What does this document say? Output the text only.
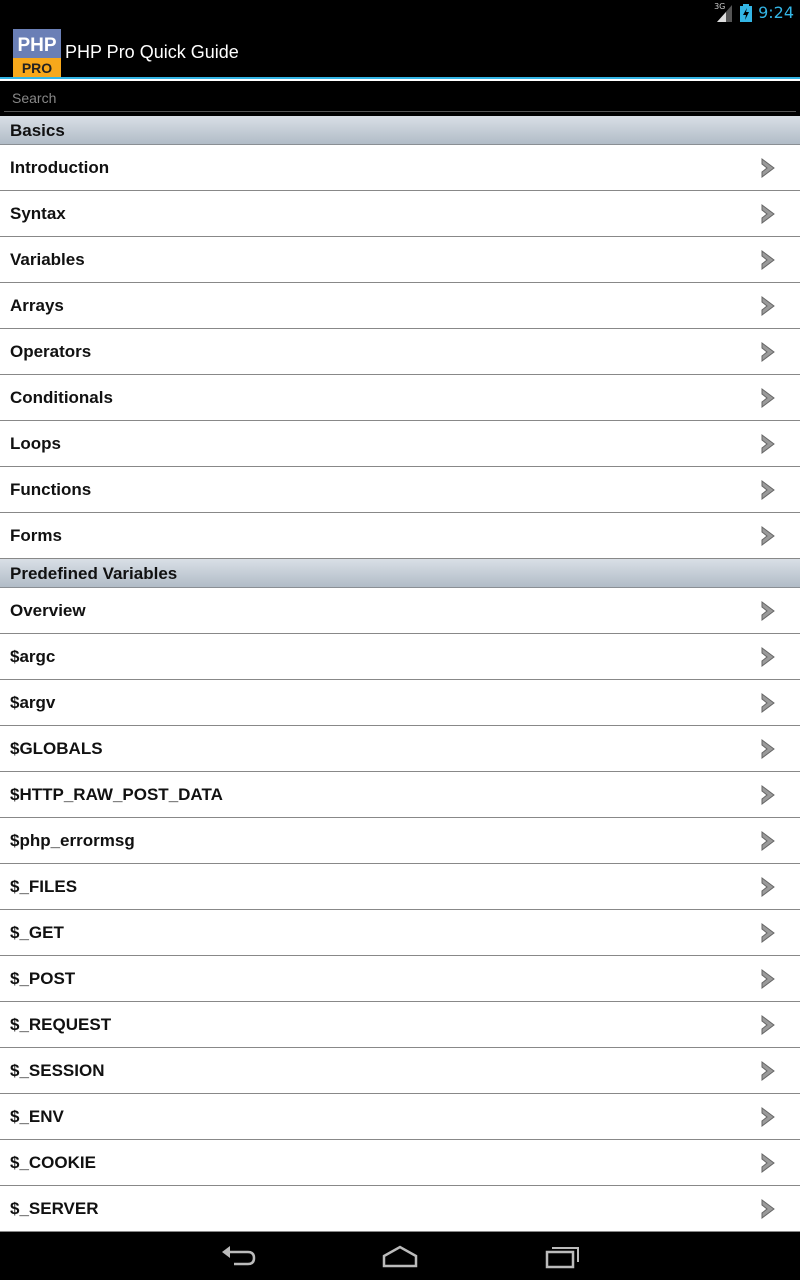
3G 9:24
PHP
PRO
PHP Pro Quick Guide
Search
Basics
Introduction
Syntax
Variables
Arrays
Operators
Conditionals
Loops
Functions
Forms
Predefined Variables
Overview
$argc
$argv
$GLOBALS
$HTTP_RAW_POST_DATA
$php_errormsg
$_FILES
$_GET
$_POST
$_REQUEST
$_SESSION
$_ENV
$_COOKIE
$_SERVER
